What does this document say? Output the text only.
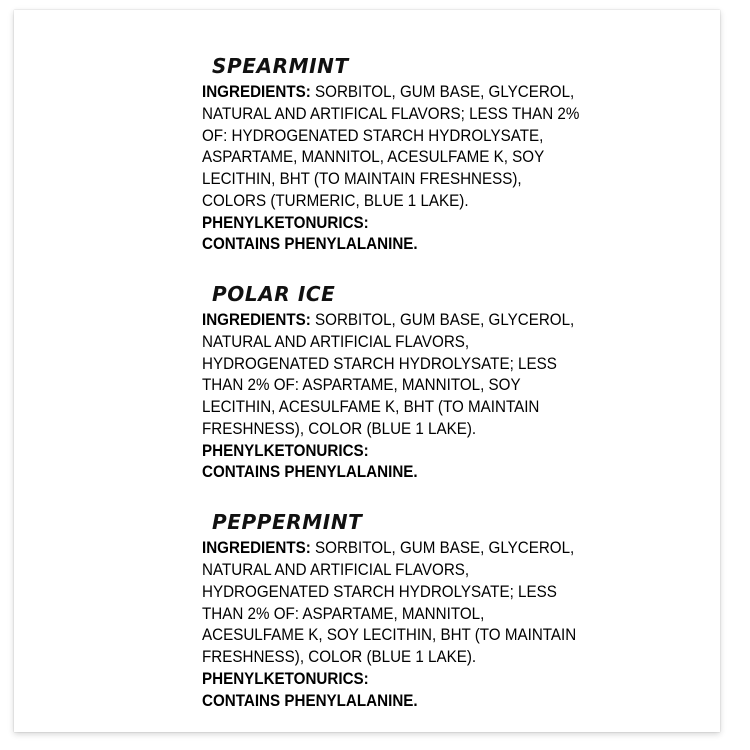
SPEARMINT

INGREDIENTS: SORBITOL, GUM BASE, GLYCEROL, NATURAL AND ARTIFICAL FLAVORS; LESS THAN 2% OF: HYDROGENATED STARCH HYDROLYSATE, ASPARTAME, MANNITOL, ACESULFAME K, SOY LECITHIN, BHT (TO MAINTAIN FRESHNESS), COLORS (TURMERIC, BLUE 1 LAKE).

PHENYLKETONURICS:

CONTAINS PHENYLALANINE.

POLAR ICE

INGREDIENTS: SORBITOL, GUM BASE, GLYCEROL, NATURAL AND ARTIFICIAL FLAVORS, HYDROGENATED STARCH HYDROLYSATE; LESS THAN 2% OF: ASPARTAME, MANNITOL, SOY LECITHIN, ACESULFAME K, BHT (TO MAINTAIN FRESHNESS), COLOR (BLUE 1 LAKE).

PHENYLKETONURICS:

CONTAINS PHENYLALANINE.

PEPPERMINT

INGREDIENTS: SORBITOL, GUM BASE, GLYCEROL, NATURAL AND ARTIFICIAL FLAVORS, HYDROGENATED STARCH HYDROLYSATE; LESS THAN 2% OF: ASPARTAME, MANNITOL, ACESULFAME K, SOY LECITHIN, BHT (TO MAINTAIN FRESHNESS), COLOR (BLUE 1 LAKE).

PHENYLKETONURICS:

CONTAINS PHENYLALANINE.
